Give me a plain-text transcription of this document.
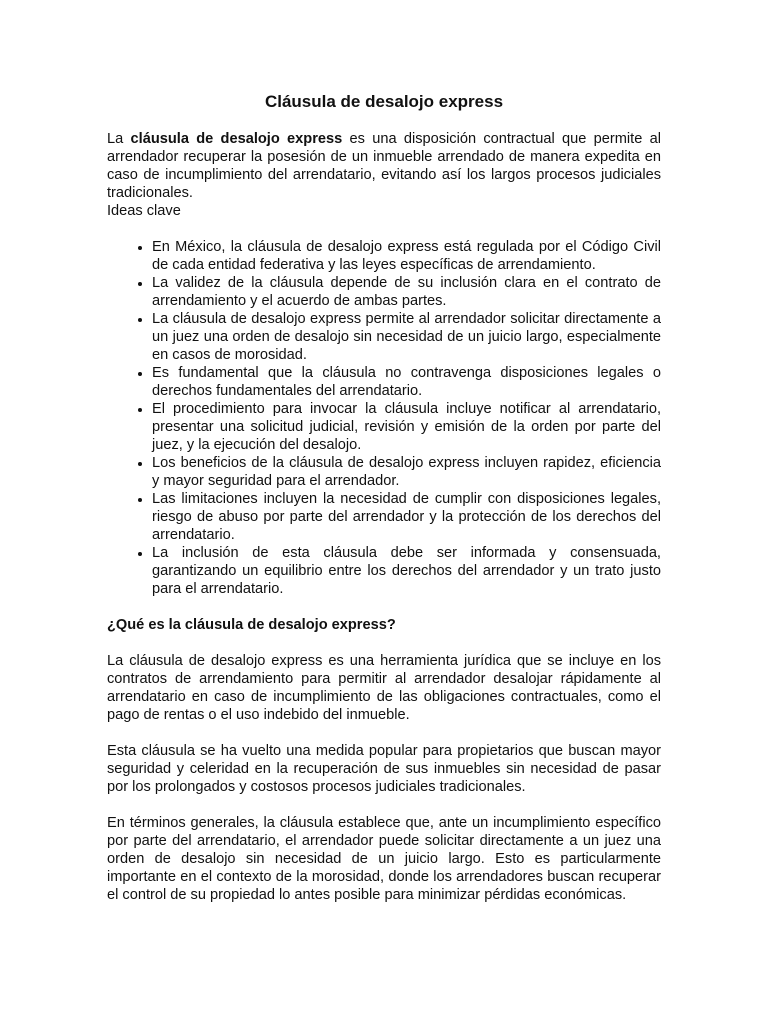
Cláusula de desalojo express

La cláusula de desalojo express es una disposición contractual que permite al arrendador recuperar la posesión de un inmueble arrendado de manera expedita en caso de incumplimiento del arrendatario, evitando así los largos procesos judiciales tradicionales.

Ideas clave

• En México, la cláusula de desalojo express está regulada por el Código Civil de cada entidad federativa y las leyes específicas de arrendamiento.
• La validez de la cláusula depende de su inclusión clara en el contrato de arrendamiento y el acuerdo de ambas partes.
• La cláusula de desalojo express permite al arrendador solicitar directamente a un juez una orden de desalojo sin necesidad de un juicio largo, especialmente en casos de morosidad.
• Es fundamental que la cláusula no contravenga disposiciones legales o derechos fundamentales del arrendatario.
• El procedimiento para invocar la cláusula incluye notificar al arrendatario, presentar una solicitud judicial, revisión y emisión de la orden por parte del juez, y la ejecución del desalojo.
• Los beneficios de la cláusula de desalojo express incluyen rapidez, eficiencia y mayor seguridad para el arrendador.
• Las limitaciones incluyen la necesidad de cumplir con disposiciones legales, riesgo de abuso por parte del arrendador y la protección de los derechos del arrendatario.
• La inclusión de esta cláusula debe ser informada y consensuada, garantizando un equilibrio entre los derechos del arrendador y un trato justo para el arrendatario.
¿Qué es la cláusula de desalojo express?

La cláusula de desalojo express es una herramienta jurídica que se incluye en los contratos de arrendamiento para permitir al arrendador desalojar rápidamente al arrendatario en caso de incumplimiento de las obligaciones contractuales, como el pago de rentas o el uso indebido del inmueble.

Esta cláusula se ha vuelto una medida popular para propietarios que buscan mayor seguridad y celeridad en la recuperación de sus inmuebles sin necesidad de pasar por los prolongados y costosos procesos judiciales tradicionales.

En términos generales, la cláusula establece que, ante un incumplimiento específico por parte del arrendatario, el arrendador puede solicitar directamente a un juez una orden de desalojo sin necesidad de un juicio largo. Esto es particularmente importante en el contexto de la morosidad, donde los arrendadores buscan recuperar el control de su propiedad lo antes posible para minimizar pérdidas económicas.
